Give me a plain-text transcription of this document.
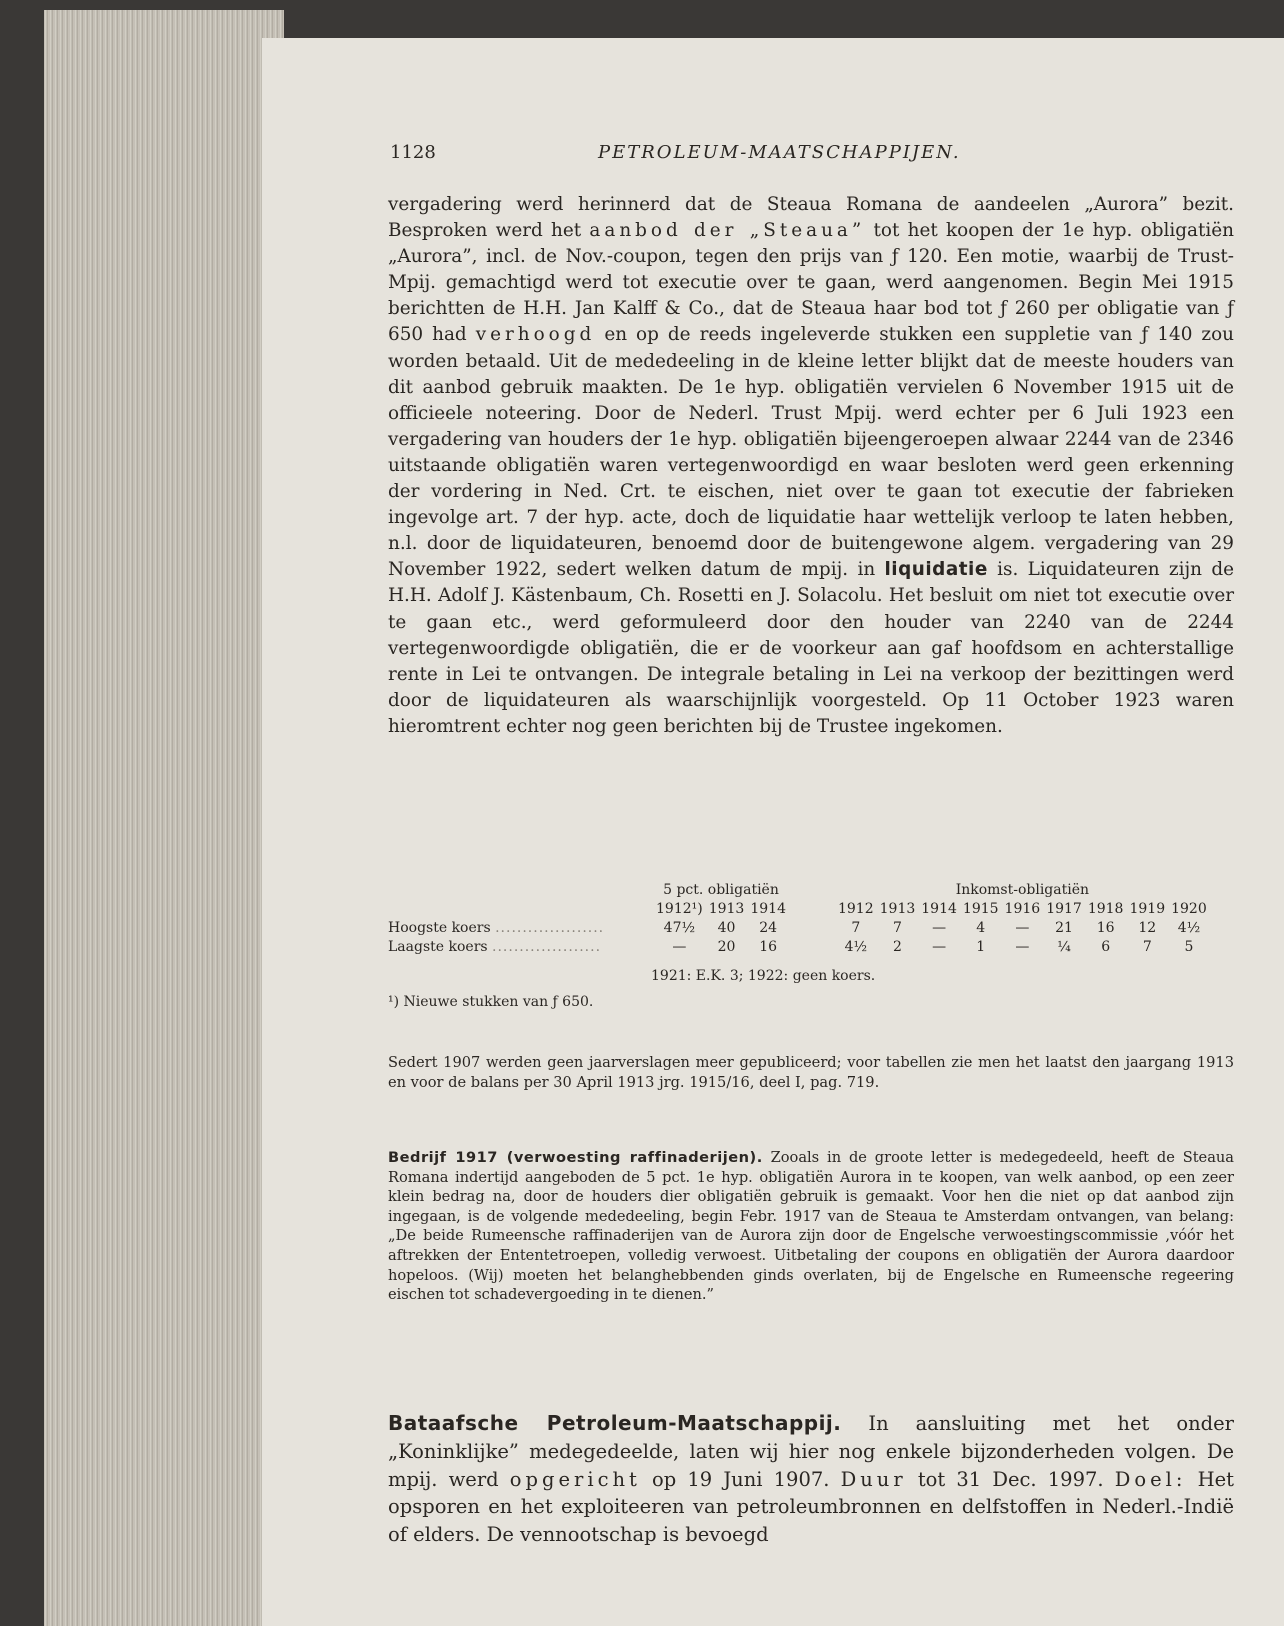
1128	PETROLEUM-MAATSCHAPPIJEN.

vergadering werd herinnerd dat de Steaua Romana de aandeelen „Aurora” bezit. Besproken werd het aanbod der „Steaua” tot het koopen der 1e hyp. obligatiën „Aurora”, incl. de Nov.-coupon, tegen den prijs van ƒ 120. Een motie, waarbij de Trust-Mpij. gemachtigd werd tot executie over te gaan, werd aangenomen. Begin Mei 1915 berichtten de H.H. Jan Kalff & Co., dat de Steaua haar bod tot ƒ 260 per obligatie van ƒ 650 had verhoogd en op de reeds ingeleverde stukken een suppletie van ƒ 140 zou worden betaald. Uit de mededeeling in de kleine letter blijkt dat de meeste houders van dit aanbod gebruik maakten. De 1e hyp. obligatiën vervielen 6 November 1915 uit de officieele noteering. Door de Nederl. Trust Mpij. werd echter per 6 Juli 1923 een vergadering van houders der 1e hyp. obligatiën bijeengeroepen alwaar 2244 van de 2346 uitstaande obligatiën waren vertegenwoordigd en waar besloten werd geen erkenning der vordering in Ned. Crt. te eischen, niet over te gaan tot executie der fabrieken ingevolge art. 7 der hyp. acte, doch de liquidatie haar wettelijk verloop te laten hebben, n.l. door de liquidateuren, benoemd door de buitengewone algem. vergadering van 29 November 1922, sedert welken datum de mpij. in liquidatie is. Liquidateuren zijn de H.H. Adolf J. Kästenbaum, Ch. Rosetti en J. Solacolu. Het besluit om niet tot executie over te gaan etc., werd geformuleerd door den houder van 2240 van de 2244 vertegenwoordigde obligatiën, die er de voorkeur aan gaf hoofdsom en achterstallige rente in Lei te ontvangen. De integrale betaling in Lei na verkoop der bezittingen werd door de liquidateuren als waarschijnlijk voorgesteld. Op 11 October 1923 waren hieromtrent echter nog geen berichten bij de Trustee ingekomen.

	5 pct. obligatiën				Inkomst-obligatiën								
	1912¹)	1913	1914		1912	1913	1914	1915	1916	1917	1918	1919	1920
Hoogste koers ....................	47½	40	24		7	7	—	4	—	21	16	12	4½
Laagste koers ....................	—	20	16		4½	2	—	1	—	¼	6	7	5
1921: E.K. 3; 1922: geen koers.
¹) Nieuwe stukken van ƒ 650.

Sedert 1907 werden geen jaarverslagen meer gepubliceerd; voor tabellen zie men het laatst den jaargang 1913 en voor de balans per 30 April 1913 jrg. 1915/16, deel I, pag. 719.

Bedrijf 1917 (verwoesting raffinaderijen). Zooals in de groote letter is medegedeeld, heeft de Steaua Romana indertijd aangeboden de 5 pct. 1e hyp. obligatiën Aurora in te koopen, van welk aanbod, op een zeer klein bedrag na, door de houders dier obligatiën gebruik is gemaakt. Voor hen die niet op dat aanbod zijn ingegaan, is de volgende mededeeling, begin Febr. 1917 van de Steaua te Amsterdam ontvangen, van belang: „De beide Rumeensche raffinaderijen van de Aurora zijn door de Engelsche verwoestingscommissie ,vóór het aftrekken der Ententetroepen, volledig verwoest. Uitbetaling der coupons en obligatiën der Aurora daardoor hopeloos. (Wij) moeten het belanghebbenden ginds overlaten, bij de Engelsche en Rumeensche regeering eischen tot schadevergoeding in te dienen.”

Bataafsche Petroleum-Maatschappij. In aansluiting met het onder „Koninklijke” medegedeelde, laten wij hier nog enkele bijzonderheden volgen. De mpij. werd opgericht op 19 Juni 1907. Duur tot 31 Dec. 1997. Doel: Het opsporen en het exploiteeren van petroleumbronnen en delfstoffen in Nederl.-Indië of elders. De vennootschap is bevoegd
